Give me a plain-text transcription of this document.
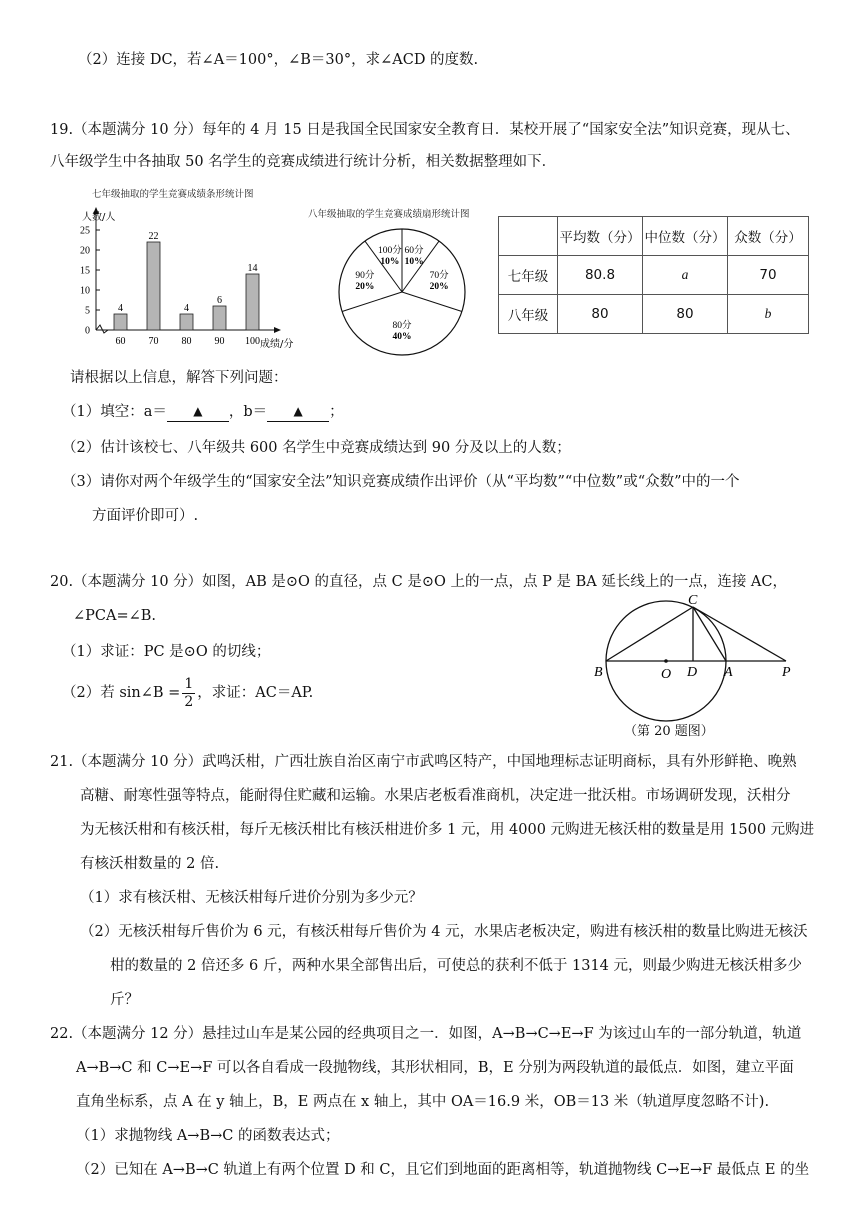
（2）连接 DC，若∠A＝100°，∠B＝30°，求∠ACD 的度数.
19. （本题满分 10 分）每年的 4 月 15 日是我国全民国家安全教育日．某校开展了“国家安全法”知识竞赛，现从七、
八年级学生中各抽取 50 名学生的竞赛成绩进行统计分析，相关数据整理如下．
七年级抽取的学生竞赛成绩条形统计图
人数/人
0
5
10
15
20
25
4
60
22
70
4
80
6
90
14
100 成绩/分
八年级抽取的学生竞赛成绩扇形统计图
60分
10%
70分
20%
80分
40%
90分
20%
100分
10%
	平均数（分）	中位数（分）	众数（分）
七年级	80.8	a	70
八年级	80	80	b
请根据以上信息，解答下列问题：
（1）填空：a＝ ▲ ，b＝ ▲ ；
（2）估计该校七、八年级共 600 名学生中竞赛成绩达到 90 分及以上的人数；
（3）请你对两个年级学生的“国家安全法”知识竞赛成绩作出评价（从“平均数”“中位数”或“众数”中的一个
方面评价即可）.
20. （本题满分 10 分）如图，AB 是⊙O 的直径，点 C 是⊙O 上的一点，点 P 是 BA 延长线上的一点，连接 AC，
∠PCA=∠B.
（1）求证：PC 是⊙O 的切线；
（2）若 sin∠B = $\frac{1}{2}$ ，求证：AC＝AP.
C
B	O D A	P
（第 20 题图）
21. （本题满分 10 分）武鸣沃柑，广西壮族自治区南宁市武鸣区特产，中国地理标志证明商标，具有外形鲜艳、晚熟
高糖、耐寒性强等特点，能耐得住贮藏和运输。水果店老板看准商机，决定进一批沃柑。市场调研发现，沃柑分
为无核沃柑和有核沃柑，每斤无核沃柑比有核沃柑进价多 1 元，用 4000 元购进无核沃柑的数量是用 1500 元购进
有核沃柑数量的 2 倍.
（1）求有核沃柑、无核沃柑每斤进价分别为多少元？
（2）无核沃柑每斤售价为 6 元，有核沃柑每斤售价为 4 元，水果店老板决定，购进有核沃柑的数量比购进无核沃
柑的数量的 2 倍还多 6 斤，两种水果全部售出后，可使总的获利不低于 1314 元，则最少购进无核沃柑多少
斤？
22. （本题满分 12 分）悬挂过山车是某公园的经典项目之一．如图，A→B→C→E→F 为该过山车的一部分轨道，轨道
A→B→C 和 C→E→F 可以各自看成一段抛物线，其形状相同，B，E 分别为两段轨道的最低点．如图，建立平面
直角坐标系，点 A 在 y 轴上，B，E 两点在 x 轴上，其中 OA＝16.9 米，OB＝13 米（轨道厚度忽略不计).
（1）求抛物线 A→B→C 的函数表达式；
（2）已知在 A→B→C 轨道上有两个位置 D 和 C，且它们到地面的距离相等，轨道抛物线 C→E→F 最低点 E 的坐
